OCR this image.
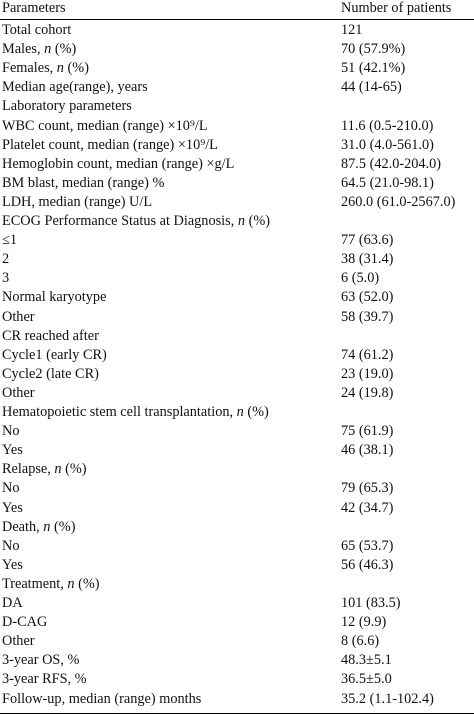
Parameters	Number of patients
Total cohort	121
Males, n (%)	70 (57.9%)
Females, n (%)	51 (42.1%)
Median age(range), years	44 (14-65)
Laboratory parameters
WBC count, median (range) ×10⁹/L	11.6 (0.5-210.0)
Platelet count, median (range) ×10⁹/L	31.0 (4.0-561.0)
Hemoglobin count, median (range) ×g/L	87.5 (42.0-204.0)
BM blast, median (range) %	64.5 (21.0-98.1)
LDH, median (range) U/L	260.0 (61.0-2567.0)
ECOG Performance Status at Diagnosis, n (%)
≤1	77 (63.6)
2	38 (31.4)
3	6 (5.0)
Normal karyotype	63 (52.0)
Other	58 (39.7)
CR reached after
Cycle1 (early CR)	74 (61.2)
Cycle2 (late CR)	23 (19.0)
Other	24 (19.8)
Hematopoietic stem cell transplantation, n (%)
No	75 (61.9)
Yes	46 (38.1)
Relapse, n (%)
No	79 (65.3)
Yes	42 (34.7)
Death, n (%)
No	65 (53.7)
Yes	56 (46.3)
Treatment, n (%)
DA	101 (83.5)
D-CAG	12 (9.9)
Other	8 (6.6)
3-year OS, %	48.3±5.1
3-year RFS, %	36.5±5.0
Follow-up, median (range) months	35.2 (1.1-102.4)
